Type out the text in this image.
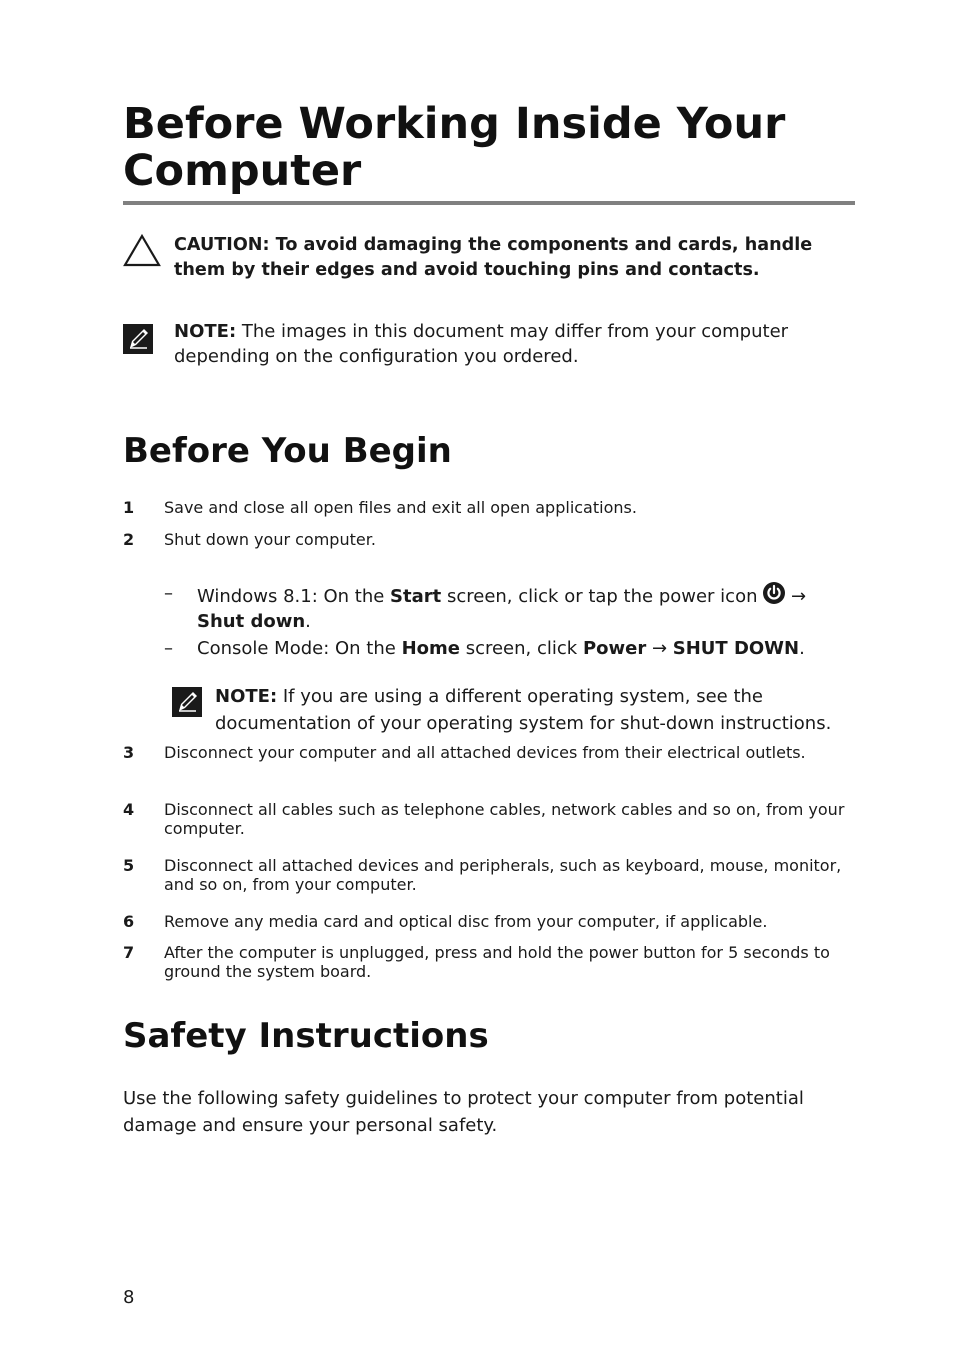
Before Working Inside Your Computer
CAUTION: To avoid damaging the components and cards, handle them by their edges and avoid touching pins and contacts.
NOTE: The images in this document may differ from your computer depending on the configuration you ordered.
Before You Begin
1 Save and close all open files and exit all open applications.
2 Shut down your computer.
– Windows 8.1: On the Start screen, click or tap the power icon  →
Shut down.
– Console Mode: On the Home screen, click Power → SHUT DOWN.
NOTE: If you are using a different operating system, see the documentation of your operating system for shut-down instructions.
3 Disconnect your computer and all attached devices from their electrical outlets.
4 Disconnect all cables such as telephone cables, network cables and so on, from your computer.
5 Disconnect all attached devices and peripherals, such as keyboard, mouse, monitor, and so on, from your computer.
6 Remove any media card and optical disc from your computer, if applicable.
7 After the computer is unplugged, press and hold the power button for 5 seconds to ground the system board.
Safety Instructions
Use the following safety guidelines to protect your computer from potential damage and ensure your personal safety.
8
